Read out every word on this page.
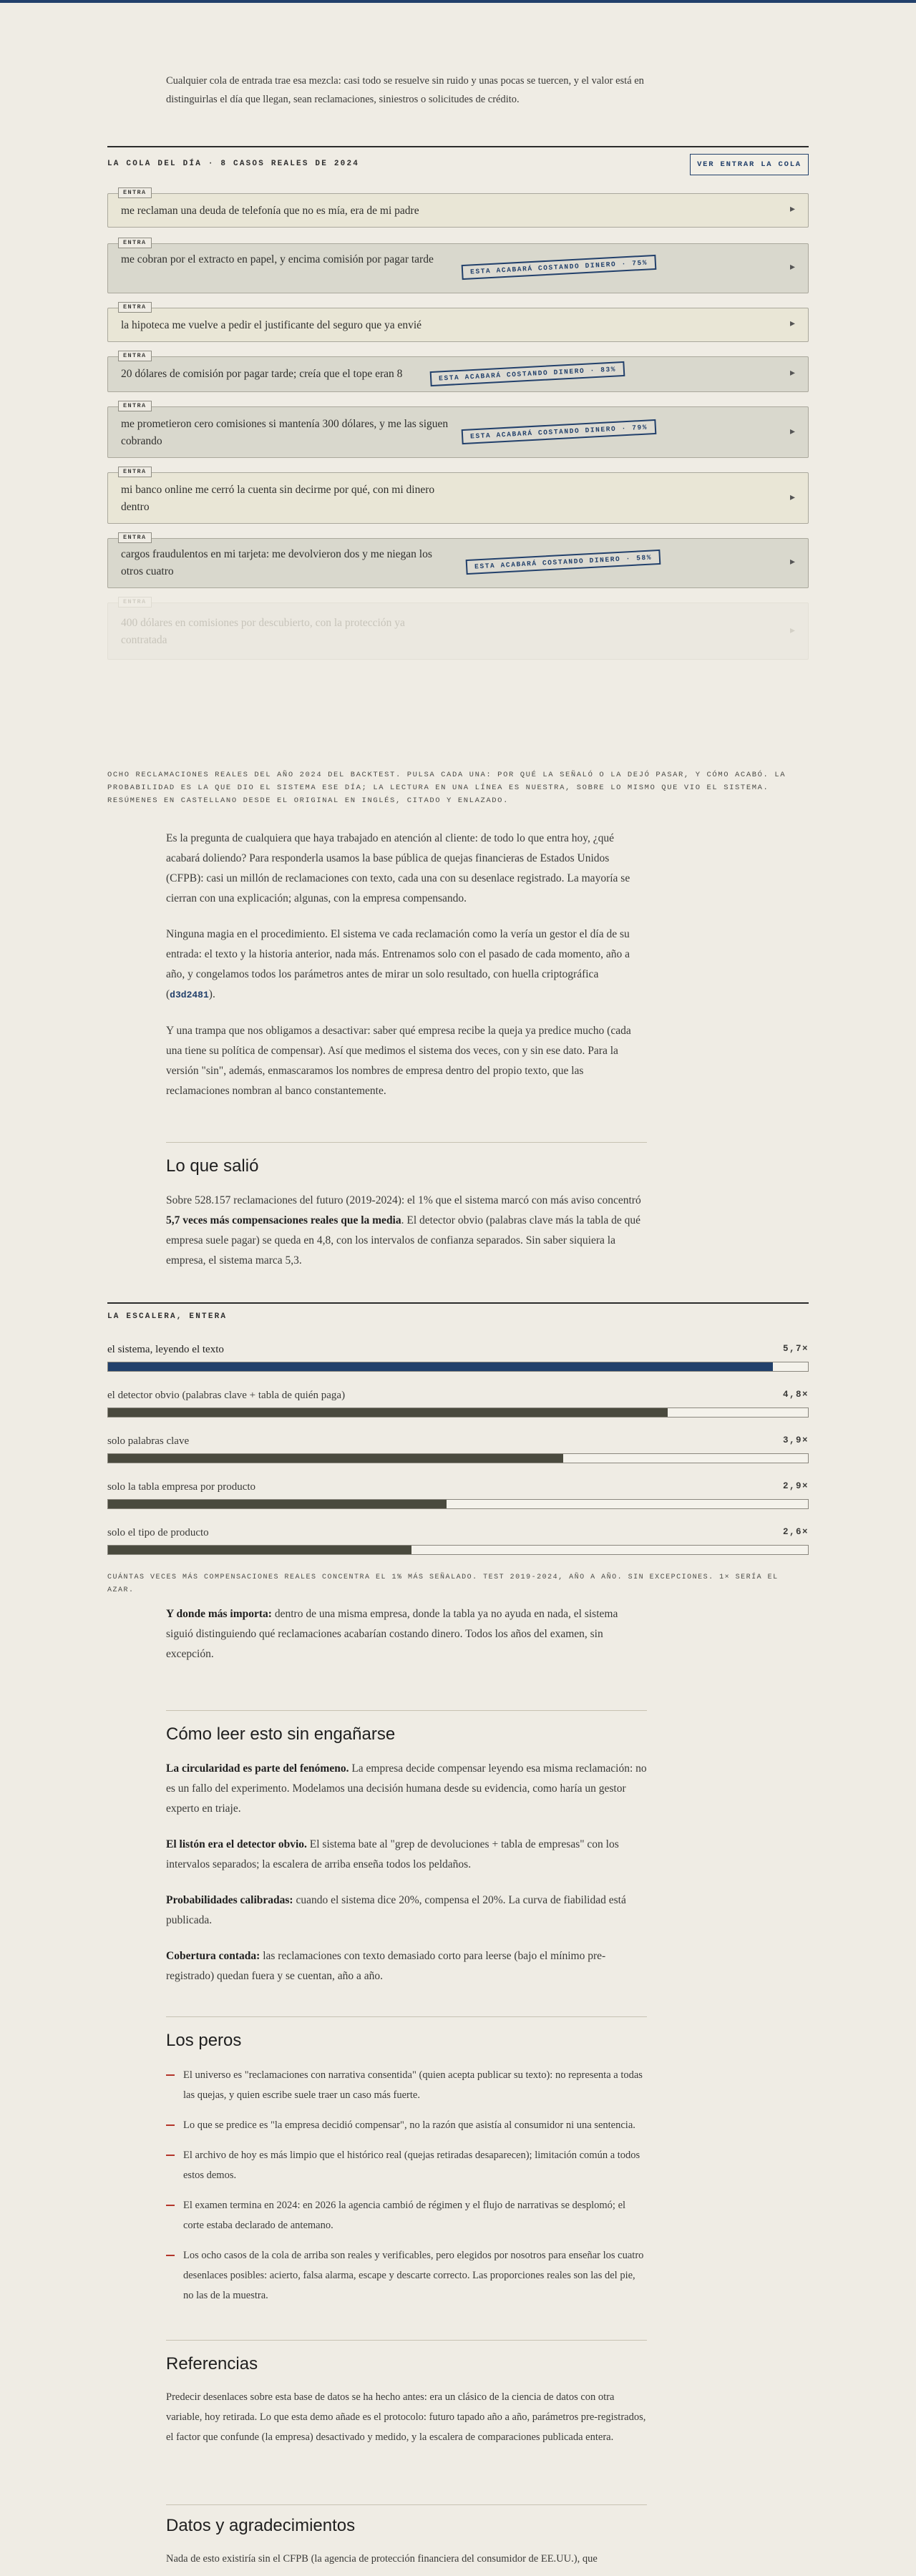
Cualquier cola de entrada trae esa mezcla: casi todo se resuelve sin ruido y unas pocas se tuercen, y el valor está en distinguirlas el día que llegan, sean reclamaciones, siniestros o solicitudes de crédito.

LA COLA DEL DÍA · 8 CASOS REALES DE 2024	VER ENTRAR LA COLA
ENTRA
me reclaman una deuda de telefonía que no es mía, era de mi padre	▸
ENTRA
me cobran por el extracto en papel, y encima comisión por pagar tarde	ESTA ACABARÁ COSTANDO DINERO · 75%	▸
ENTRA
la hipoteca me vuelve a pedir el justificante del seguro que ya envié	▸
ENTRA
20 dólares de comisión por pagar tarde; creía que el tope eran 8	ESTA ACABARÁ COSTANDO DINERO · 83%	▸
ENTRA
me prometieron cero comisiones si mantenía 300 dólares, y me las siguen cobrando
ESTA ACABARÁ COSTANDO DINERO · 79%	▸
ENTRA
mi banco online me cerró la cuenta sin decirme por qué, con mi dinero dentro
▸
ENTRA
cargos fraudulentos en mi tarjeta: me devolvieron dos y me niegan los otros cuatro
ESTA ACABARÁ COSTANDO DINERO · 58%	▸
ENTRA
400 dólares en comisiones por descubierto, con la protección ya contratada
▸
OCHO RECLAMACIONES REALES DEL AÑO 2024 DEL BACKTEST. PULSA CADA UNA: POR QUÉ LA SEÑALÓ O LA DEJÓ PASAR, Y CÓMO ACABÓ. LA PROBABILIDAD ES LA QUE DIO EL SISTEMA ESE DÍA; LA LECTURA EN UNA LÍNEA ES NUESTRA, SOBRE LO MISMO QUE VIO EL SISTEMA. RESÚMENES EN CASTELLANO DESDE EL ORIGINAL EN INGLÉS, CITADO Y ENLAZADO.

Es la pregunta de cualquiera que haya trabajado en atención al cliente: de todo lo que entra hoy, ¿qué acabará doliendo? Para responderla usamos la base pública de quejas financieras de Estados Unidos (CFPB): casi un millón de reclamaciones con texto, cada una con su desenlace registrado. La mayoría se cierran con una explicación; algunas, con la empresa compensando.

Ninguna magia en el procedimiento. El sistema ve cada reclamación como la vería un gestor el día de su entrada: el texto y la historia anterior, nada más. Entrenamos solo con el pasado de cada momento, año a año, y congelamos todos los parámetros antes de mirar un solo resultado, con huella criptográfica (d3d2481).

Y una trampa que nos obligamos a desactivar: saber qué empresa recibe la queja ya predice mucho (cada una tiene su política de compensar). Así que medimos el sistema dos veces, con y sin ese dato. Para la versión "sin", además, enmascaramos los nombres de empresa dentro del propio texto, que las reclamaciones nombran al banco constantemente.

Lo que salió

Sobre 528.157 reclamaciones del futuro (2019-2024): el 1% que el sistema marcó con más aviso concentró 5,7 veces más compensaciones reales que la media. El detector obvio (palabras clave más la tabla de qué empresa suele pagar) se queda en 4,8, con los intervalos de confianza separados. Sin saber siquiera la empresa, el sistema marca 5,3.

LA ESCALERA, ENTERA
el sistema, leyendo el texto	5,7×
el detector obvio (palabras clave + tabla de quién paga)	4,8×
solo palabras clave	3,9×
solo la tabla empresa por producto	2,9×
solo el tipo de producto	2,6×
CUÁNTAS VECES MÁS COMPENSACIONES REALES CONCENTRA EL 1% MÁS SEÑALADO. TEST 2019-2024, AÑO A AÑO. SIN EXCEPCIONES. 1× SERÍA EL AZAR.

Y donde más importa: dentro de una misma empresa, donde la tabla ya no ayuda en nada, el sistema siguió distinguiendo qué reclamaciones acabarían costando dinero. Todos los años del examen, sin excepción.

Cómo leer esto sin engañarse

La circularidad es parte del fenómeno. La empresa decide compensar leyendo esa misma reclamación: no es un fallo del experimento. Modelamos una decisión humana desde su evidencia, como haría un gestor experto en triaje.

El listón era el detector obvio. El sistema bate al "grep de devoluciones + tabla de empresas" con los intervalos separados; la escalera de arriba enseña todos los peldaños.

Probabilidades calibradas: cuando el sistema dice 20%, compensa el 20%. La curva de fiabilidad está publicada.

Cobertura contada: las reclamaciones con texto demasiado corto para leerse (bajo el mínimo pre-registrado) quedan fuera y se cuentan, año a año.

Los peros
El universo es "reclamaciones con narrativa consentida" (quien acepta publicar su texto): no representa a todas las quejas, y quien escribe suele traer un caso más fuerte.
Lo que se predice es "la empresa decidió compensar", no la razón que asistía al consumidor ni una sentencia.
El archivo de hoy es más limpio que el histórico real (quejas retiradas desaparecen); limitación común a todos estos demos.
El examen termina en 2024: en 2026 la agencia cambió de régimen y el flujo de narrativas se desplomó; el corte estaba declarado de antemano.
Los ocho casos de la cola de arriba son reales y verificables, pero elegidos por nosotros para enseñar los cuatro desenlaces posibles: acierto, falsa alarma, escape y descarte correcto. Las proporciones reales son las del pie, no las de la muestra.
Referencias

Predecir desenlaces sobre esta base de datos se ha hecho antes: era un clásico de la ciencia de datos con otra variable, hoy retirada. Lo que esta demo añade es el protocolo: futuro tapado año a año, parámetros pre-registrados, el factor que confunde (la empresa) desactivado y medido, y la escalera de comparaciones publicada entera.

Datos y agradecimientos

Nada de esto existiría sin el CFPB (la agencia de protección financiera del consumidor de EE.UU.), que
